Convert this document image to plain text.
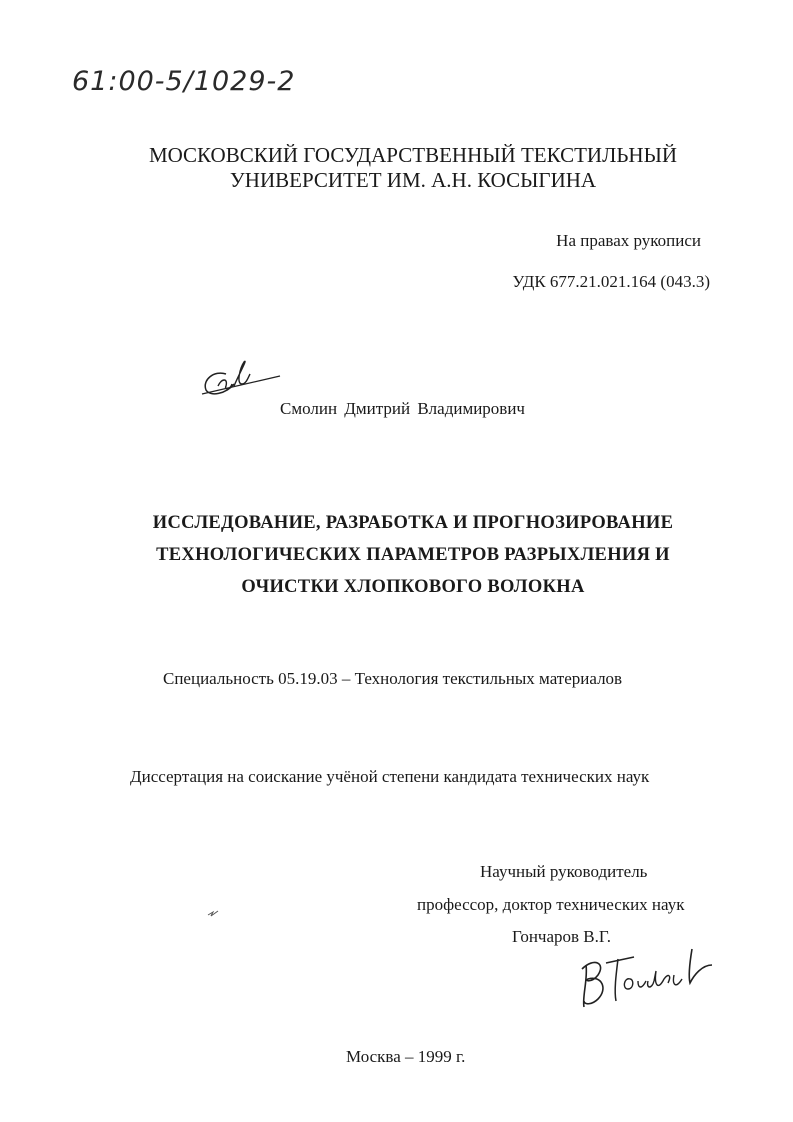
61:00-5/1029-2
МОСКОВСКИЙ ГОСУДАРСТВЕННЫЙ ТЕКСТИЛЬНЫЙ
УНИВЕРСИТЕТ ИМ. А.Н. КОСЫГИНА
На правах рукописи
УДК 677.21.021.164 (043.3)
Смолин Дмитрий Владимирович
ИССЛЕДОВАНИЕ, РАЗРАБОТКА И ПРОГНОЗИРОВАНИЕ
ТЕХНОЛОГИЧЕСКИХ ПАРАМЕТРОВ РАЗРЫХЛЕНИЯ И
ОЧИСТКИ ХЛОПКОВОГО ВОЛОКНА
Специальность 05.19.03 – Технология текстильных материалов
Диссертация на соискание учёной степени кандидата технических наук
Научный руководитель
профессор, доктор технических наук
Гончаров В.Г.
Москва – 1999 г.
